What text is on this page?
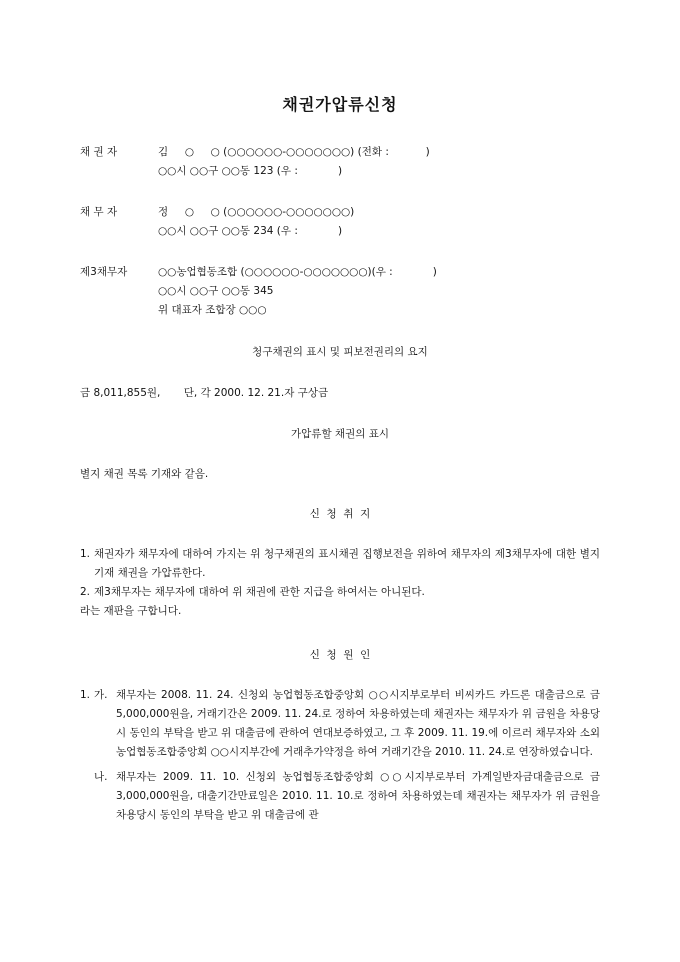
채권가압류신청
채 권 자	김     ○     ○ (○○○○○○-○○○○○○○) (전화 :           )
○○시 ○○구 ○○동 123 (우 :            )
채 무 자	정     ○     ○ (○○○○○○-○○○○○○○)
○○시 ○○구 ○○동 234 (우 :            )
제3채무자	○○농업협동조합 (○○○○○○-○○○○○○○)(우 :            )
○○시 ○○구 ○○동 345
위 대표자 조합장 ○○○
청구채권의 표시 및 피보전권리의 요지
금 8,011,855원,       단, 각 2000. 12. 21.자 구상금
가압류할 채권의 표시
별지 채권 목록 기재와 같음.
신  청  취  지
1. 채권자가 채무자에 대하여 가지는 위 청구채권의 표시채권 집행보전을 위하여 채무자의 제3채무자에 대한 별지 기재 채권을 가압류한다.
2. 제3채무자는 채무자에 대하여 위 채권에 관한 지급을 하여서는 아니된다.
라는 재판을 구합니다.
신  청  원  인
1. 가. 채무자는 2008. 11. 24. 신청외 농업협동조합중앙회 ○○시지부로부터 비씨카드 카드론 대출금으로 금 5,000,000원을, 거래기간은 2009. 11. 24.로 정하여 차용하였는데 채권자는 채무자가 위 금원을 차용당시 동인의 부탁을 받고 위 대출금에 관하여 연대보증하였고, 그 후 2009. 11. 19.에 이르러 채무자와 소외 농업협동조합중앙회 ○○시지부간에 거래추가약정을 하여 거래기간을 2010. 11. 24.로 연장하였습니다.
나. 채무자는 2009. 11. 10. 신청외 농업협동조합중앙회 ○○시지부로부터 가계일반자금대출금으로 금 3,000,000원을, 대출기간만료일은 2010. 11. 10.로 정하여 차용하였는데 채권자는 채무자가 위 금원을 차용당시 동인의 부탁을 받고 위 대출금에 관
